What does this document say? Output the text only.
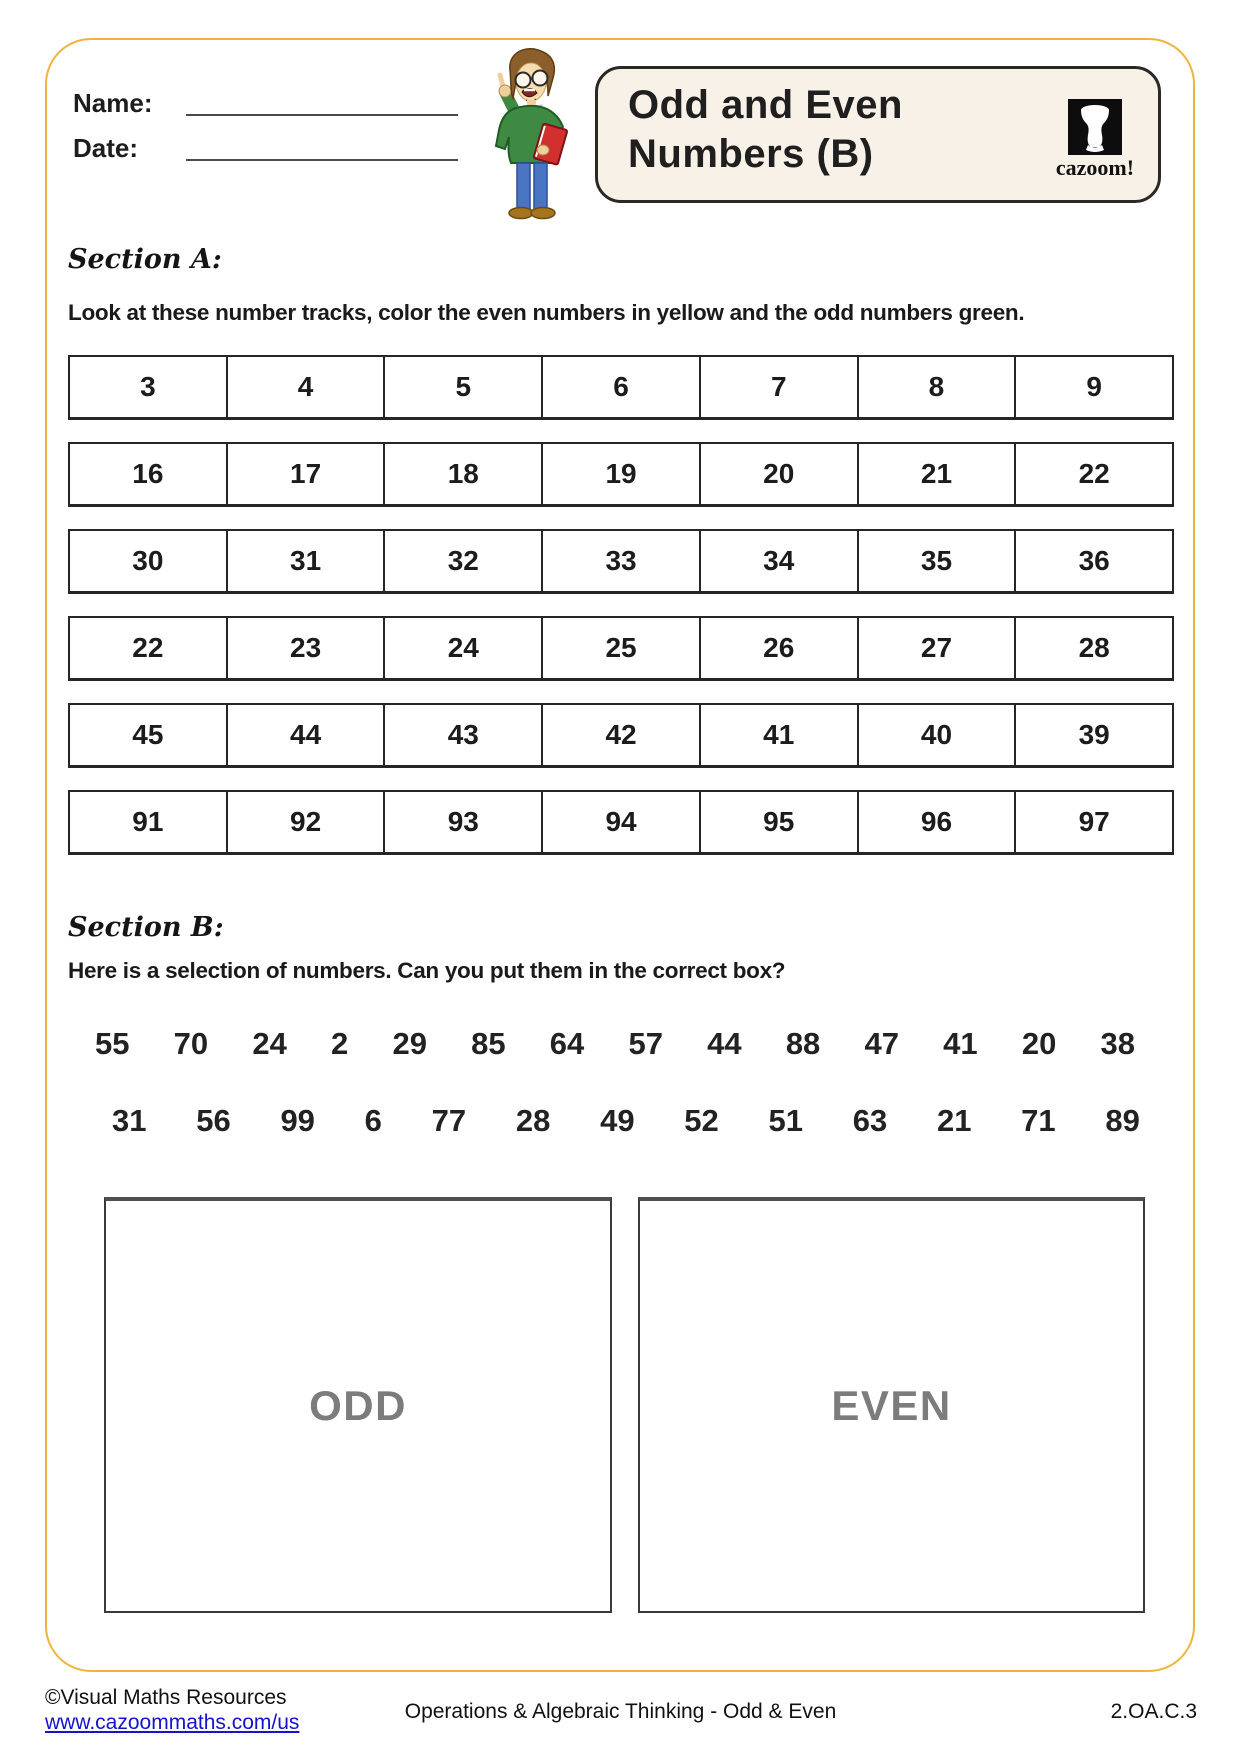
Name:
Date:
Odd and Even Numbers (B)	cazoom!
Section A:
Look at these number tracks, color the even numbers in yellow and the odd numbers green.
3	4	5	6	7	8	9
16	17	18	19	20	21	22
30	31	32	33	34	35	36
22	23	24	25	26	27	28
45	44	43	42	41	40	39
91	92	93	94	95	96	97
Section B:
Here is a selection of numbers. Can you put them in the correct box?
55 70 24 2 29 85 64 57 44 88 47 41 20 38
31 56 99 6 77 28 49 52 51 63 21 71 89
ODD	EVEN
©Visual Maths Resources
www.cazoommaths.com/us	Operations & Algebraic Thinking - Odd & Even	2.OA.C.3
